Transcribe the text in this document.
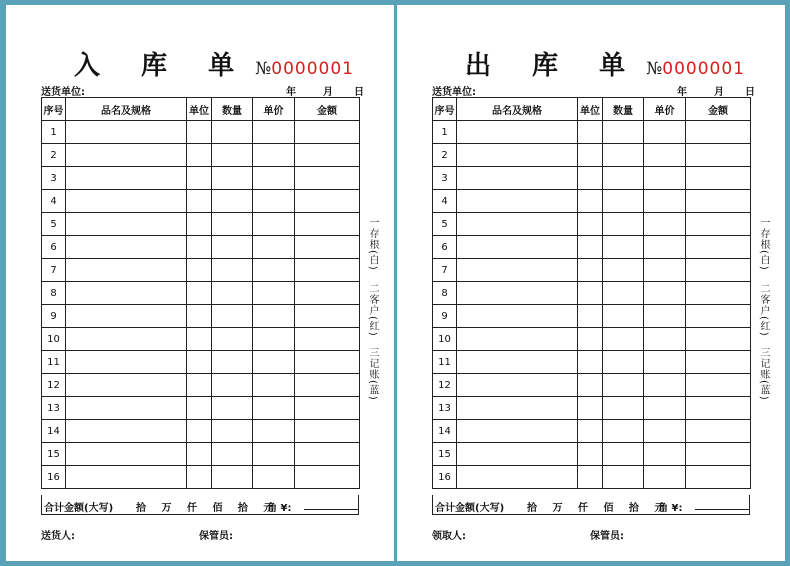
入 库 单 №0000001
送货单位:	年	月 日
序号	品名及规格	单位	数量	单价	金额
1					
2					
3					
4					
5					
6					
7					
8					
9					
10					
11					
12					
13					
14					
15					
16					
合计金额(大写) 拾 万 仟 佰 拾 元
角 ¥:
送货人:	保管员:
一存根(白)
二客户(红)
三记账(蓝)
出 库 单 №0000001
送货单位:	年	月 日
序号	品名及规格	单位	数量	单价	金额
1					
2					
3					
4					
5					
6					
7					
8					
9					
10					
11					
12					
13					
14					
15					
16					
合计金额(大写) 拾 万 仟 佰 拾 元
角 ¥:
领取人:	保管员:
一存根(白)
二客户(红)
三记账(蓝)
